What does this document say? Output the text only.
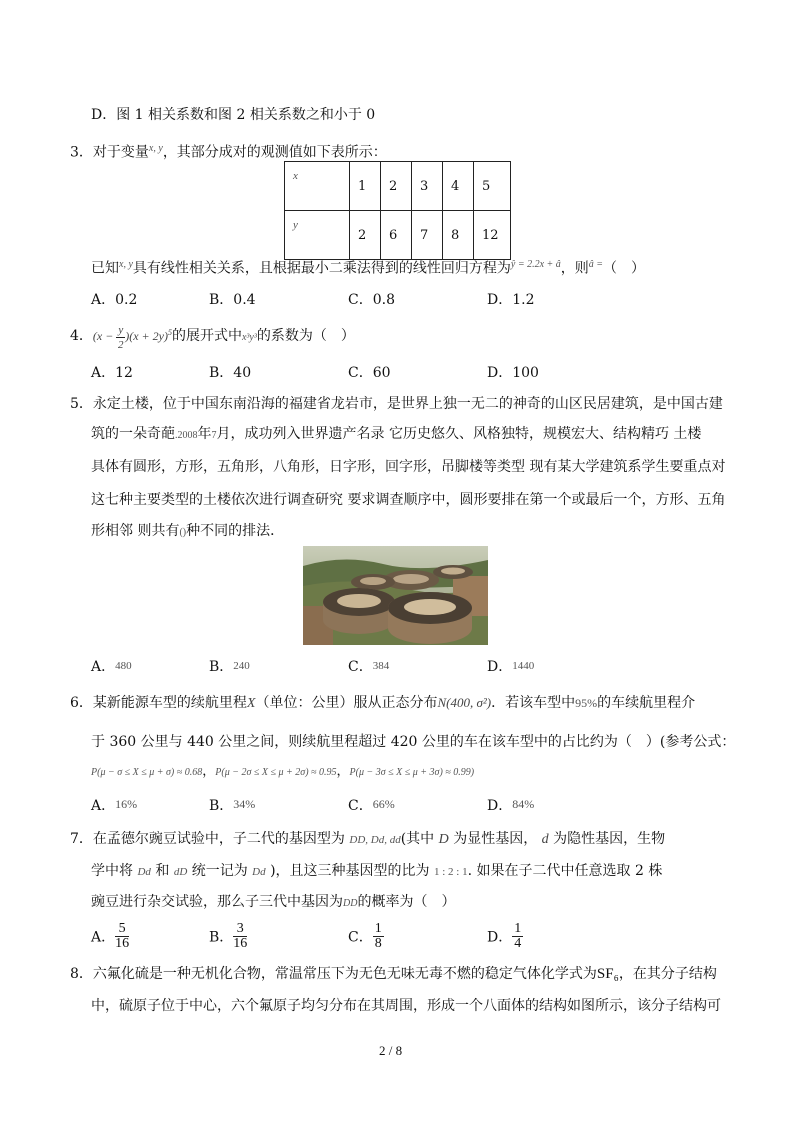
D．图 1 相关系数和图 2 相关系数之和小于 0
3．对于变量$^{x, y}$，其部分成对的观测值如下表所示：
x	1	2	3	4	5
y	2	6	7	8	12
已知$^{x, y}$具有线性相关关系，且根据最小二乘法得到的线性回归方程为$^{ŷ = 2.2x + â}$，则$^{â =}$（　）
A．0.2	B．0.4	C．0.8	D．1.2
4．$(x - \frac{y}{2} )(x + 2y)^5$的展开式中x³y³的系数为（　）
A．12	B．40	C．60	D．100
5．永定土楼，位于中国东南沿海的福建省龙岩市，是世界上独一无二的神奇的山区民居建筑，是中国古建
筑的一朵奇葩.2008年7月，成功列入世界遗产名录 它历史悠久、风格独特，规模宏大、结构精巧 土楼
具体有圆形，方形，五角形，八角形，日字形，回字形，吊脚楼等类型 现有某大学建筑系学生要重点对
这七种主要类型的土楼依次进行调查研究 要求调查顺序中，圆形要排在第一个或最后一个，方形、五角
形相邻 则共有()种不同的排法．
A．480	B．240	C．384	D．1440
6．某新能源车型的续航里程X（单位：公里）服从正态分布N(400, σ²)．若该车型中95%的车续航里程介
于 360 公里与 440 公里之间，则续航里程超过 420 公里的车在该车型中的占比约为（　）(参考公式：
P(μ − σ ≤ X ≤ μ + σ) ≈ 0.68，P(μ − 2σ ≤ X ≤ μ + 2σ) ≈ 0.95，P(μ − 3σ ≤ X ≤ μ + 3σ) ≈ 0.99)
A．16%	B．34%	C．66%	D．84%
7．在孟德尔豌豆试验中，子二代的基因型为 DD, Dd, dd(其中 D 为显性基因， d 为隐性基因，生物
学中将 Dd 和 dD 统一记为 Dd )，且这三种基因型的比为 1 : 2 : 1. 如果在子二代中任意选取 2 株
豌豆进行杂交试验，那么子三代中基因为DD的概率为（　）
A． $\frac{5}{16}$	B． $\frac{3}{16}$	C． $\frac{1}{8}$	D． $\frac{1}{4}$
8．六氟化硫是一种无机化合物，常温常压下为无色无味无毒不燃的稳定气体化学式为SF₆，在其分子结构
中，硫原子位于中心，六个氟原子均匀分布在其周围，形成一个八面体的结构如图所示，该分子结构可
2 / 8
